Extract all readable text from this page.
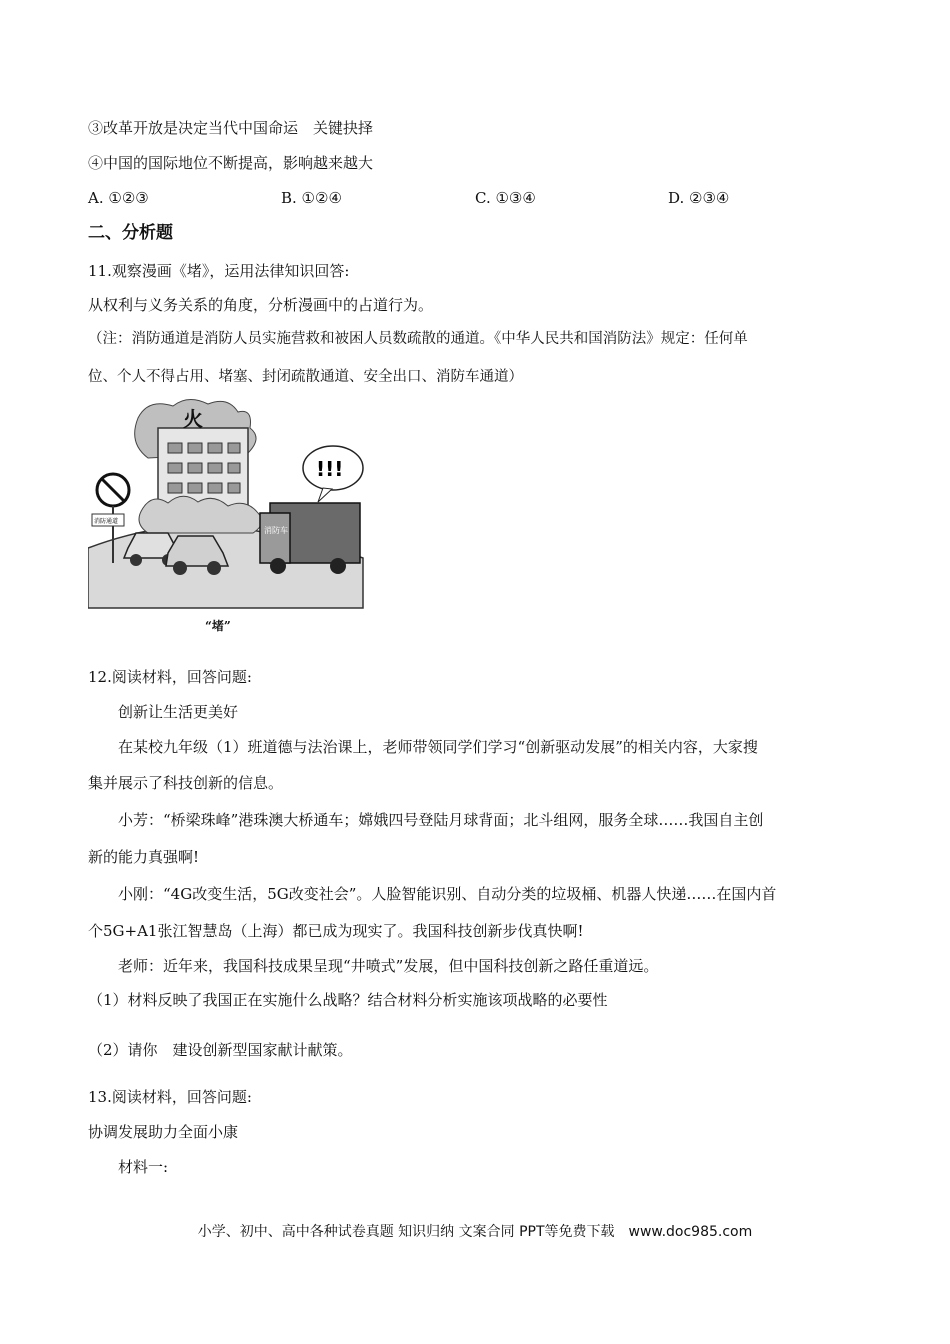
③改革开放是决定当代中国命运　关键抉择
④中国的国际地位不断提高，影响越来越大
A. ①②③	B. ①②④	C. ①③④	D. ②③④
二、分析题
11.观察漫画《堵》，运用法律知识回答:
从权利与义务关系的角度，分析漫画中的占道行为。
（注：消防通道是消防人员实施营救和被困人员数疏散的通道。《中华人民共和国消防法》规定：任何单
位、个人不得占用、堵塞、封闭疏散通道、安全出口、消防车通道）
火
!!!
消防通道
消防车
“堵”
12.阅读材料，回答问题:
创新让生活更美好
在某校九年级（1）班道德与法治课上，老师带领同学们学习“创新驱动发展”的相关内容，大家搜
集并展示了科技创新的信息。
小芳：“桥梁珠峰”港珠澳大桥通车；嫦娥四号登陆月球背面；北斗组网，服务全球……我国自主创
新的能力真强啊!
小刚：“4G改变生活，5G改变社会”。人脸智能识别、自动分类的垃圾桶、机器人快递……在国内首
个5G+A1张江智慧岛（上海）都已成为现实了。我国科技创新步伐真快啊!
老师：近年来，我国科技成果呈现“井喷式”发展，但中国科技创新之路任重道远。
（1）材料反映了我国正在实施什么战略？结合材料分析实施该项战略的必要性
（2）请你　建设创新型国家献计献策。
13.阅读材料，回答问题:
协调发展助力全面小康
材料一:
小学、初中、高中各种试卷真题 知识归纳 文案合同 PPT等免费下载　www.doc985.com
